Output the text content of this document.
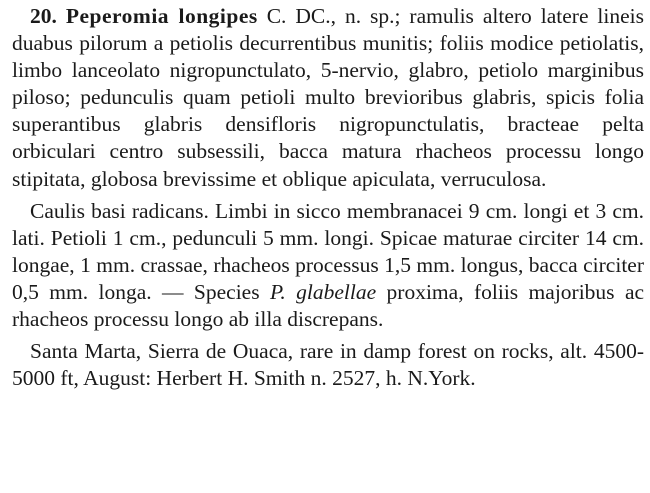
20. Peperomia longipes C. DC., n. sp.; ramulis altero latere lineis duabus pilorum a petiolis decurrentibus munitis; foliis modice petiolatis, limbo lanceolato nigropunctulato, 5-nervio, glabro, petiolo marginibus piloso; pedunculis quam petioli multo brevioribus glabris, spicis folia superantibus glabris densifloris nigropunctulatis, bracteae pelta orbiculari centro subsessili, bacca matura rhacheos processu longo stipitata, globosa brevissime et oblique apiculata, verruculosa.

Caulis basi radicans. Limbi in sicco membranacei 9 cm. longi et 3 cm. lati. Petioli 1 cm., pedunculi 5 mm. longi. Spicae maturae circiter 14 cm. longae, 1 mm. crassae, rhacheos processus 1,5 mm. longus, bacca circiter 0,5 mm. longa. — Species P. glabellae proxima, foliis majoribus ac rhacheos processu longo ab illa discrepans.

Santa Marta, Sierra de Ouaca, rare in damp forest on rocks, alt. 4500-5000 ft, August: Herbert H. Smith n. 2527, h. N.York.
